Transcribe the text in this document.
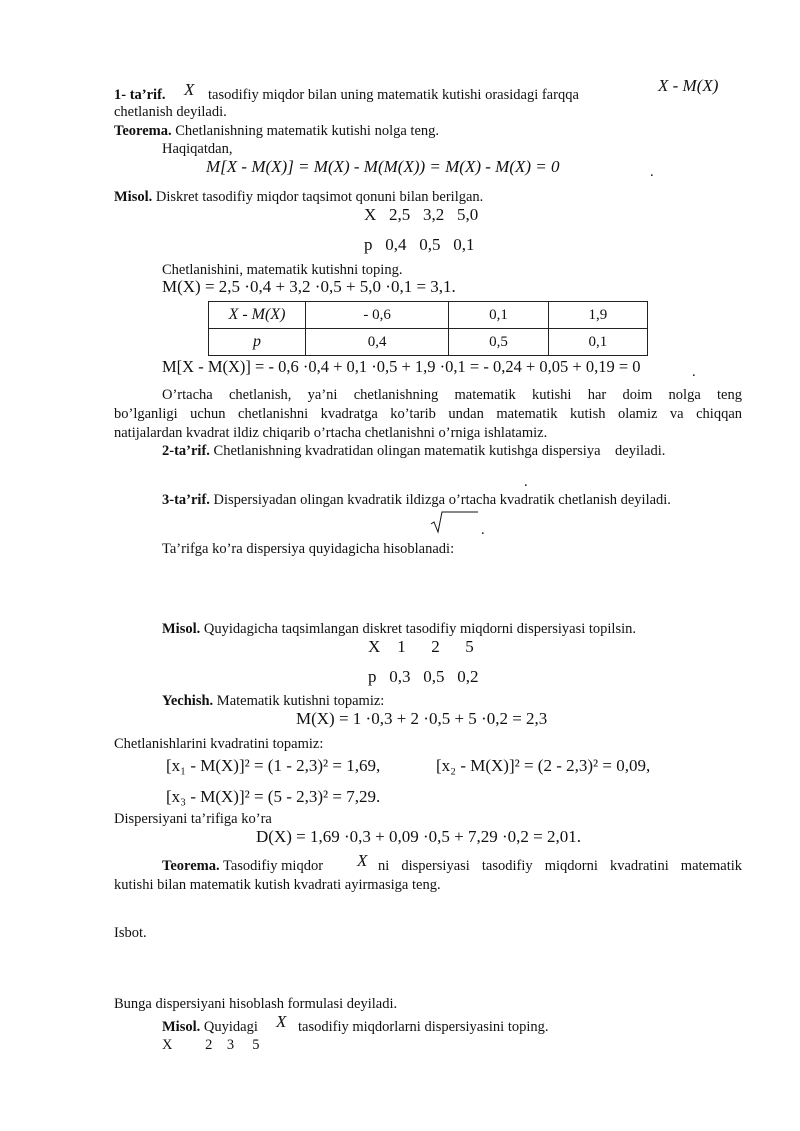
1- ta’rif. X tasodifiy miqdor bilan uning matematik kutishi orasidagi farqqa	X - M(X)
chetlanish deyiladi.
Teorema. Chetlanishning matematik kutishi nolga teng.
Haqiqatdan,
M[X - M(X)] = M(X) - M(M(X)) = M(X) - M(X) = 0	.
Misol. Diskret tasodifiy miqdor taqsimot qonuni bilan berilgan.
X   2,5   3,2   5,0
p   0,4   0,5   0,1
Chetlanishini, matematik kutishni toping.
M(X) = 2,5 ·0,4 + 3,2 ·0,5 + 5,0 ·0,1 = 3,1.
X - M(X)	- 0,6	0,1	1,9
p	0,4	0,5	0,1
M[X - M(X)] = - 0,6 ·0,4 + 0,1 ·0,5 + 1,9 ·0,1 = - 0,24 + 0,05 + 0,19 = 0	.
O’rtacha chetlanish, ya’ni chetlanishning matematik kutishi har doim nolga teng
bo’lganligi uchun chetlanishni kvadratga ko’tarib undan matematik kutish olamiz va chiqqan
natijalardan kvadrat ildiz chiqarib o’rtacha chetlanishni o’rniga ishlatamiz.
2-ta’rif. Chetlanishning kvadratidan olingan matematik kutishga dispersiya    deyiladi.
.
3-ta’rif. Dispersiyadan olingan kvadratik ildizga o’rtacha kvadratik chetlanish deyiladi.
.
Ta’rifga ko’ra dispersiya quyidagicha hisoblanadi:
Misol. Quyidagicha taqsimlangan diskret tasodifiy miqdorni dispersiyasi topilsin.
X    1      2      5
p   0,3   0,5   0,2
Yechish. Matematik kutishni topamiz:
M(X) = 1 ·0,3 + 2 ·0,5 + 5 ·0,2 = 2,3
Chetlanishlarini kvadratini topamiz:
[x₁ - M(X)]² = (1 - 2,3)² = 1,69,	[x₂ - M(X)]² = (2 - 2,3)² = 0,09,
[x₃ - M(X)]² = (5 - 2,3)² = 7,29.
Dispersiyani ta’rifiga ko’ra
D(X) = 1,69 ·0,3 + 0,09 ·0,5 + 7,29 ·0,2 = 2,01.
Teorema. Tasodifiy miqdor X ni dispersiyasi tasodifiy miqdorni kvadratini matematik
kutishi bilan matematik kutish kvadrati ayirmasiga teng.
Isbot.
Bunga dispersiyani hisoblash formulasi deyiladi.
Misol. Quyidagi X tasodifiy miqdorlarni dispersiyasini toping.
X         2    3     5
